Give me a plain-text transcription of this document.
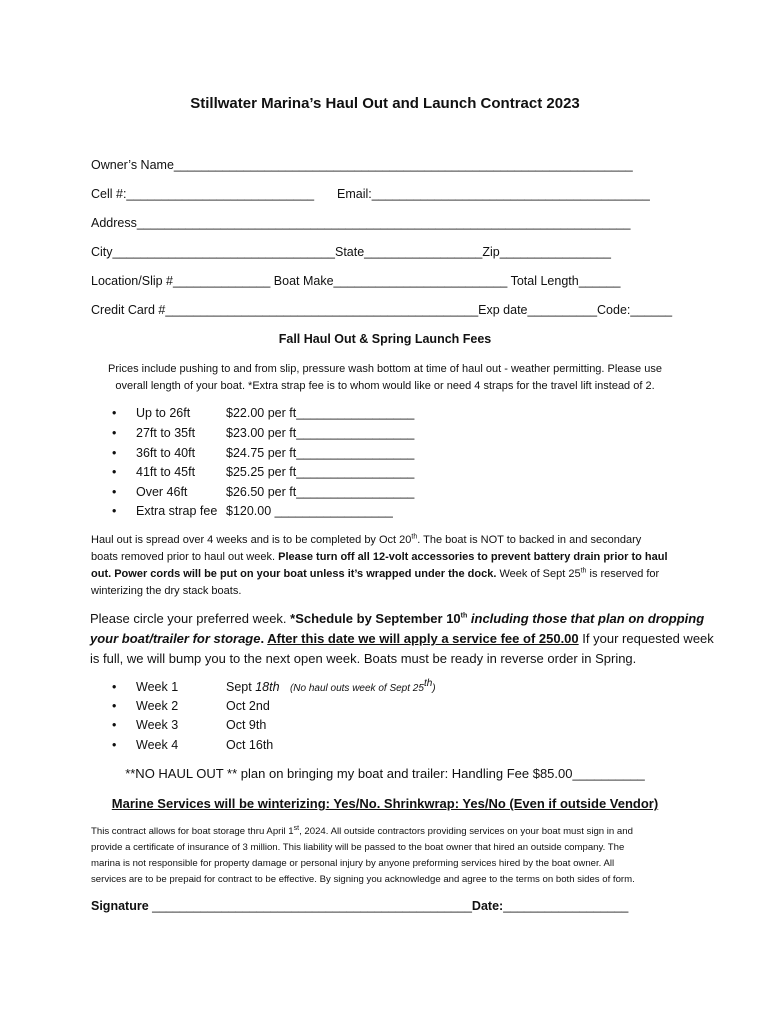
Stillwater Marina’s Haul Out and Launch Contract 2023
Owner’s Name__________________________________________________________________
Cell #:___________________________ Email:________________________________________
Address_______________________________________________________________________
City________________________________State_________________Zip________________
Location/Slip #______________ Boat Make_________________________ Total Length______
Credit Card #_____________________________________________Exp date__________Code:______
Fall Haul Out & Spring Launch Fees
Prices include pushing to and from slip, pressure wash bottom at time of haul out - weather permitting. Please use
overall length of your boat. *Extra strap fee is to whom would like or need 4 straps for the travel lift instead of 2.
• Up to 26ft	$22.00 per ft_________________
• 27ft to 35ft $23.00 per ft_________________
• 36ft to 40ft $24.75 per ft_________________
• 41ft to 45ft $25.25 per ft_________________
• Over 46ft	$26.50 per ft_________________
• Extra strap fee $120.00 _________________
Haul out is spread over 4 weeks and is to be completed by Oct 20th. The boat is NOT to backed in and secondary
boats removed prior to haul out week. Please turn off all 12-volt accessories to prevent battery drain prior to haul
out. Power cords will be put on your boat unless it’s wrapped under the dock. Week of Sept 25th is reserved for
winterizing the dry stack boats.
Please circle your preferred week. *Schedule by September 10th including those that plan on dropping
your boat/trailer for storage. After this date we will apply a service fee of 250.00 If your requested week
is full, we will bump you to the next open week. Boats must be ready in reverse order in Spring.
• Week 1	Sept 18th (No haul outs week of Sept 25th)
• Week 2	Oct 2nd
• Week 3	Oct 9th
• Week 4	Oct 16th
**NO HAUL OUT ** plan on bringing my boat and trailer: Handling Fee $85.00__________
Marine Services will be winterizing: Yes/No. Shrinkwrap: Yes/No (Even if outside Vendor)
This contract allows for boat storage thru April 1st, 2024. All outside contractors providing services on your boat must sign in and
provide a certificate of insurance of 3 million. This liability will be passed to the boat owner that hired an outside company. The
marina is not responsible for property damage or personal injury by anyone preforming services hired by the boat owner. All
services are to be prepaid for contract to be effective. By signing you acknowledge and agree to the terms on both sides of form.
Signature ______________________________________________Date:__________________
